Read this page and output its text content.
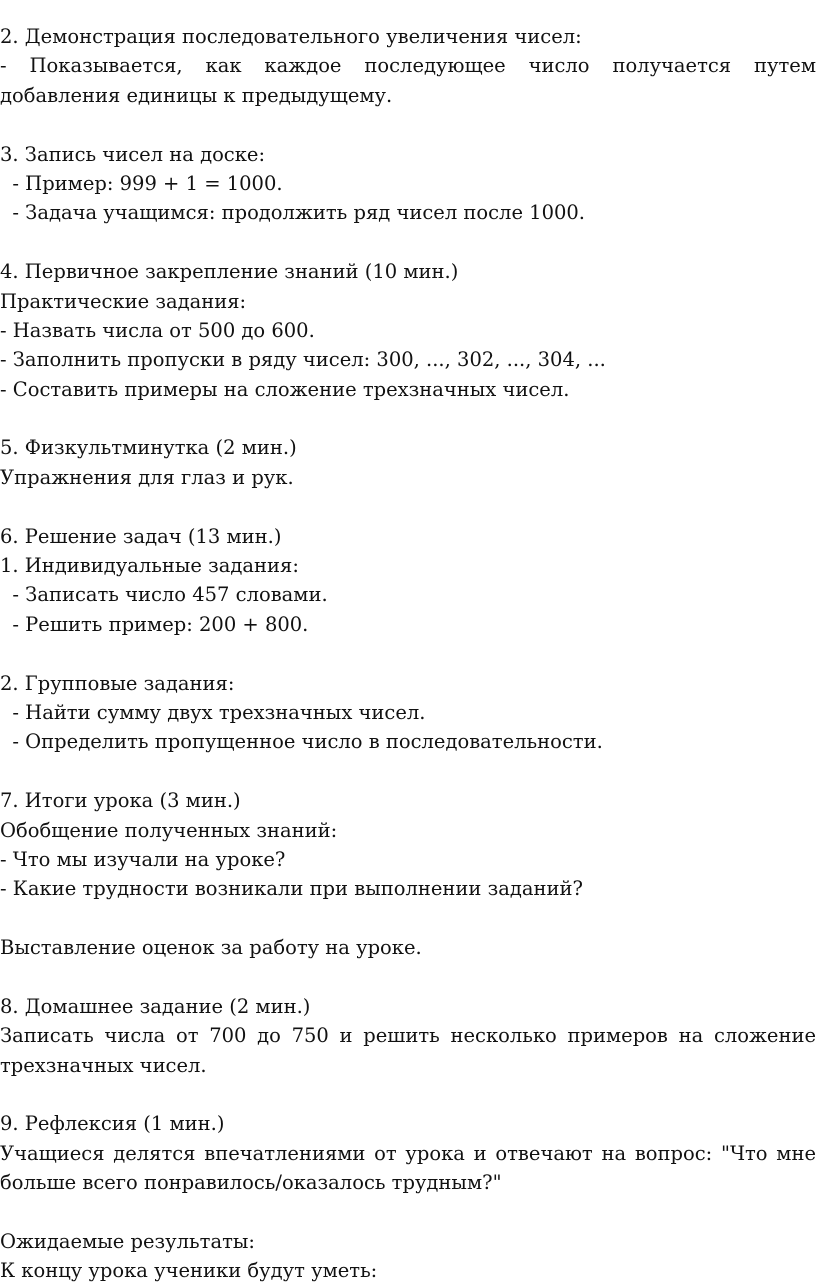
2. Демонстрация последовательного увеличения чисел:
- Показывается, как каждое последующее число получается путем
добавления единицы к предыдущему.
3. Запись чисел на доске:
- Пример: 999 + 1 = 1000.
- Задача учащимся: продолжить ряд чисел после 1000.
4. Первичное закрепление знаний (10 мин.)
Практические задания:
- Назвать числа от 500 до 600.
- Заполнить пропуски в ряду чисел: 300, ..., 302, ..., 304, ...
- Составить примеры на сложение трехзначных чисел.
5. Физкультминутка (2 мин.)
Упражнения для глаз и рук.
6. Решение задач (13 мин.)
1. Индивидуальные задания:
- Записать число 457 словами.
- Решить пример: 200 + 800.
2. Групповые задания:
- Найти сумму двух трехзначных чисел.
- Определить пропущенное число в последовательности.
7. Итоги урока (3 мин.)
Обобщение полученных знаний:
- Что мы изучали на уроке?
- Какие трудности возникали при выполнении заданий?
Выставление оценок за работу на уроке.
8. Домашнее задание (2 мин.)
Записать числа от 700 до 750 и решить несколько примеров на сложение
трехзначных чисел.
9. Рефлексия (1 мин.)
Учащиеся делятся впечатлениями от урока и отвечают на вопрос: "Что мне
больше всего понравилось/оказалось трудным?"
Ожидаемые результаты:
К концу урока ученики будут уметь:
